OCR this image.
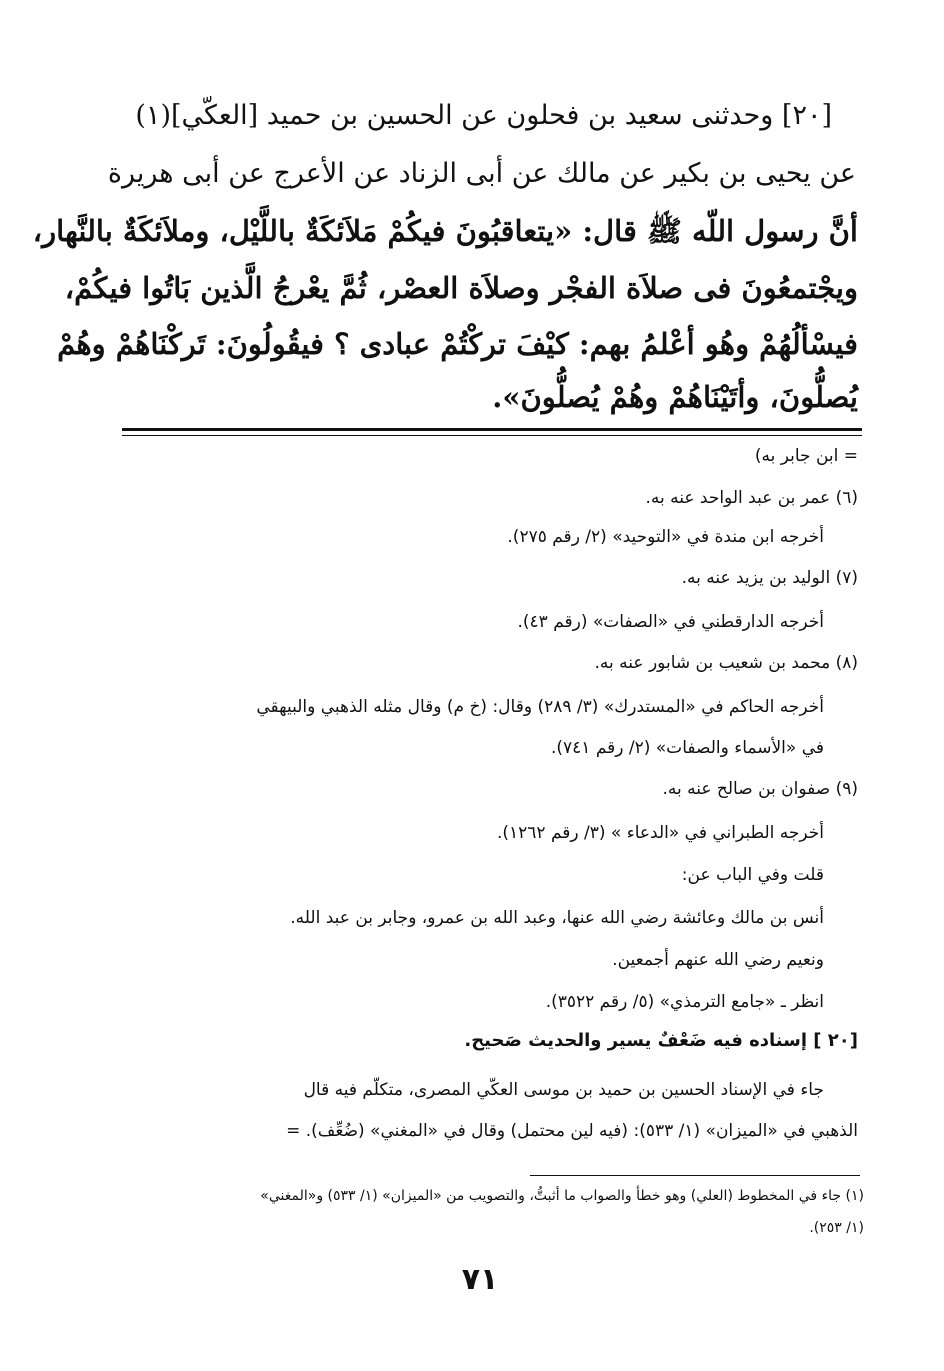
[٢٠] وحدثنى سعيد بن فحلون عن الحسين بن حميد [العكّي](١)
عن يحيى بن بكير عن مالك عن أبى الزناد عن الأعرج عن أبى هريرة
أنَّ رسول اللّه ﷺ قال: «يتعاقبُونَ فيكُمْ مَلاَئكَةٌ باللَّيْل، وملاَئكَةٌ بالنَّهار،
ويجْتمعُونَ فى صلاَة الفجْر وصلاَة العصْر، ثُمَّ يعْرجُ الَّذين بَاتُوا فيكُمْ،
فيسْألُهُمْ وهُو أعْلمُ بهم: كيْفَ تركْتُمْ عبادى ؟ فيقُولُونَ: تَركْنَاهُمْ وهُمْ
يُصلُّونَ، وأتَيْنَاهُمْ وهُمْ يُصلُّونَ».
= ابن جابر به)
(٦) عمر بن عبد الواحد عنه به.
أخرجه ابن مندة في «التوحيد» (٢/ رقم ٢٧٥).
(٧) الوليد بن يزيد عنه به.
أخرجه الدارقطني في «الصفات» (رقم ٤٣).
(٨) محمد بن شعيب بن شابور عنه به.
أخرجه الحاكم في «المستدرك» (٣/ ٢٨٩) وقال: (خ م) وقال مثله الذهبي والبيهقي
في «الأسماء والصفات» (٢/ رقم ٧٤١).
(٩) صفوان بن صالح عنه به.
أخرجه الطبراني في «الدعاء » (٣/ رقم ١٢٦٢).
قلت وفي الباب عن:
أنس بن مالك وعائشة رضي الله عنها، وعبد الله بن عمرو، وجابر بن عبد الله.
ونعيم رضي الله عنهم أجمعين.
انظر ـ «جامع الترمذي» (٥/ رقم ٣٥٢٢).
[٢٠ ] إسناده فيه ضَعْفٌ يسير والحديث صَحيح.
جاء في الإسناد الحسين بن حميد بن موسى العكّي المصرى، متكلّم فيه قال
الذهبي في «الميزان» (١/ ٥٣٣): (فيه لين محتمل) وقال في «المغني» (ضُعِّف). =
(١) جاء في المخطوط (العلي) وهو خطأ والصواب ما أثبتُّ، والتصويب من «الميزان» (١/ ٥٣٣) و«المغني»
(١/ ٢٥٣).
٧١
